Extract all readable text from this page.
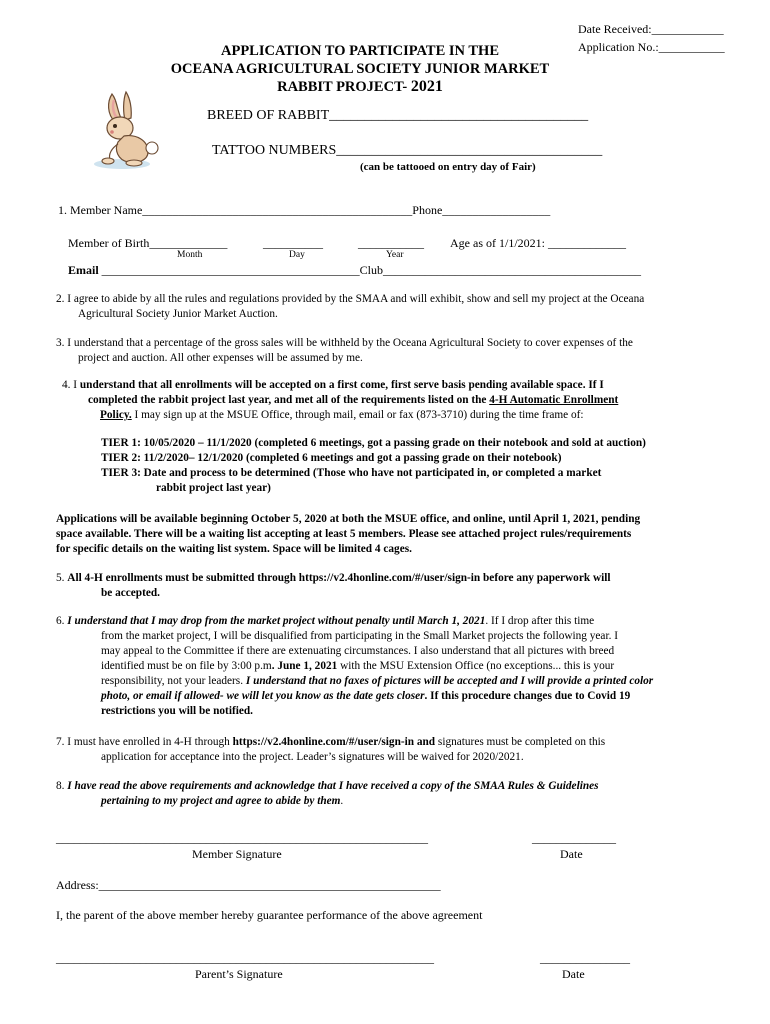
Date Received:____________
Application No.:___________
APPLICATION TO PARTICIPATE IN THE
OCEANA AGRICULTURAL SOCIETY JUNIOR MARKET
RABBIT PROJECT- 2021
BREED OF RABBIT_____________________________________
TATTOO NUMBERS______________________________________
(can be tattooed on entry day of Fair)
1. Member Name_____________________________________________Phone__________________
Member of Birth_____________	__________	___________ Age as of 1/1/2021: _____________
Month	Day	Year
Email ___________________________________________Club___________________________________________
2. I agree to abide by all the rules and regulations provided by the SMAA and will exhibit, show and sell my project at the Oceana
Agricultural Society Junior Market Auction.
3. I understand that a percentage of the gross sales will be withheld by the Oceana Agricultural Society to cover expenses of the
project and auction. All other expenses will be assumed by me.
4. I understand that all enrollments will be accepted on a first come, first serve basis pending available space. If I
completed the rabbit project last year, and met all of the requirements listed on the 4-H Automatic Enrollment
Policy. I may sign up at the MSUE Office, through mail, email or fax (873-3710) during the time frame of:
TIER 1: 10/05/2020 – 11/1/2020 (completed 6 meetings, got a passing grade on their notebook and sold at auction)
TIER 2: 11/2/2020– 12/1/2020 (completed 6 meetings and got a passing grade on their notebook)
TIER 3: Date and process to be determined (Those who have not participated in, or completed a market
rabbit project last year)
Applications will be available beginning October 5, 2020 at both the MSUE office, and online, until April 1, 2021, pending
space available. There will be a waiting list accepting at least 5 members. Please see attached project rules/requirements
for specific details on the waiting list system. Space will be limited 4 cages.
5. All 4-H enrollments must be submitted through https://v2.4honline.com/#/user/sign-in before any paperwork will
be accepted.
6. I understand that I may drop from the market project without penalty until March 1, 2021. If I drop after this time
from the market project, I will be disqualified from participating in the Small Market projects the following year. I
may appeal to the Committee if there are extenuating circumstances. I also understand that all pictures with breed
identified must be on file by 3:00 p.m. June 1, 2021 with the MSU Extension Office (no exceptions... this is your
responsibility, not your leaders. I understand that no faxes of pictures will be accepted and I will provide a printed color
photo, or email if allowed- we will let you know as the date gets closer. If this procedure changes due to Covid 19
restrictions you will be notified.
7. I must have enrolled in 4-H through https://v2.4honline.com/#/user/sign-in and signatures must be completed on this
application for acceptance into the project. Leader’s signatures will be waived for 2020/2021.
8. I have read the above requirements and acknowledge that I have received a copy of the SMAA Rules & Guidelines
pertaining to my project and agree to abide by them.
______________________________________________________________	______________
Member Signature	Date
Address:_________________________________________________________
I, the parent of the above member hereby guarantee performance of the above agreement
_______________________________________________________________	_______________
Parent’s Signature	Date
